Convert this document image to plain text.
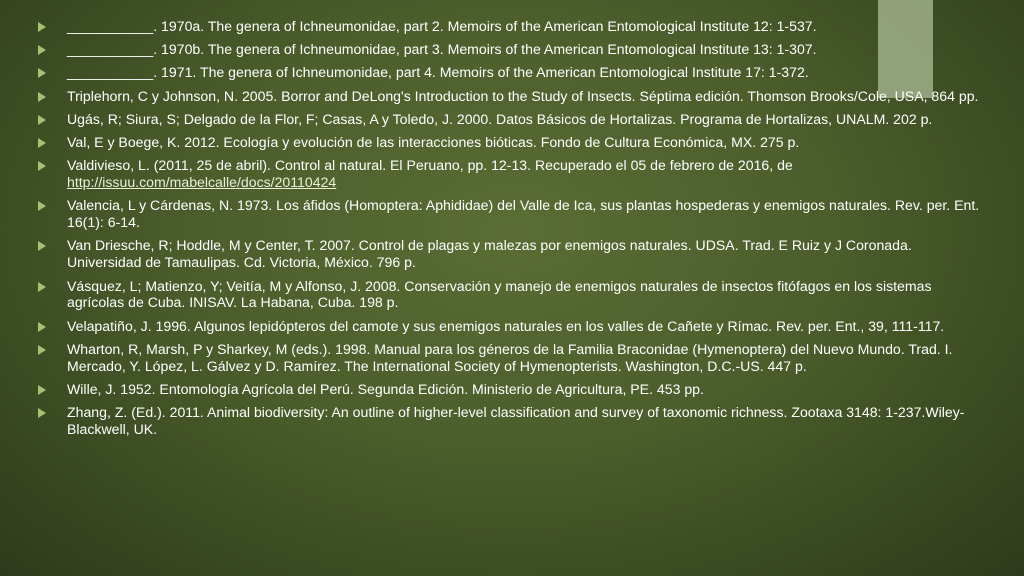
___________. 1970a. The genera of Ichneumonidae, part 2. Memoirs of the American Entomological Institute 12: 1-537.
___________. 1970b. The genera of Ichneumonidae, part 3. Memoirs of the American Entomological Institute 13: 1-307.
___________. 1971. The genera of Ichneumonidae, part 4. Memoirs of the American Entomological Institute 17: 1-372.
Triplehorn, C y Johnson, N. 2005. Borror and DeLong's Introduction to the Study of Insects. Séptima edición. Thomson Brooks/Cole, USA, 864 pp.
Ugás, R; Siura, S; Delgado de la Flor, F; Casas, A y Toledo, J. 2000. Datos Básicos de Hortalizas. Programa de Hortalizas, UNALM. 202 p.
Val, E y Boege, K. 2012. Ecología y evolución de las interacciones bióticas. Fondo de Cultura Económica, MX. 275 p.
Valdivieso, L. (2011, 25 de abril). Control al natural. El Peruano, pp. 12-13. Recuperado el 05 de febrero de 2016, de http://issuu.com/mabelcalle/docs/20110424
Valencia, L y Cárdenas, N. 1973. Los áfidos (Homoptera: Aphididae) del Valle de Ica, sus plantas hospederas y enemigos naturales. Rev. per. Ent. 16(1): 6-14.
Van Driesche, R; Hoddle, M y Center, T. 2007. Control de plagas y malezas por enemigos naturales. UDSA. Trad. E Ruiz y J Coronada. Universidad de Tamaulipas. Cd. Victoria, México. 796 p.
Vásquez, L; Matienzo, Y; Veitía, M y Alfonso, J. 2008. Conservación y manejo de enemigos naturales de insectos fitófagos en los sistemas agrícolas de Cuba. INISAV. La Habana, Cuba. 198 p.
Velapatiño, J. 1996. Algunos lepidópteros del camote y sus enemigos naturales en los valles de Cañete y Rímac. Rev. per. Ent., 39, 111-117.
Wharton, R, Marsh, P y Sharkey, M (eds.). 1998. Manual para los géneros de la Familia Braconidae (Hymenoptera) del Nuevo Mundo. Trad. I. Mercado, Y. López, L. Gálvez y D. Ramírez. The International Society of Hymenopterists. Washington, D.C.-US. 447 p.
Wille, J. 1952. Entomología Agrícola del Perú. Segunda Edición. Ministerio de Agricultura, PE. 453 pp.
Zhang, Z. (Ed.). 2011. Animal biodiversity: An outline of higher-level classification and survey of taxonomic richness. Zootaxa 3148: 1-237.Wiley-Blackwell, UK.
